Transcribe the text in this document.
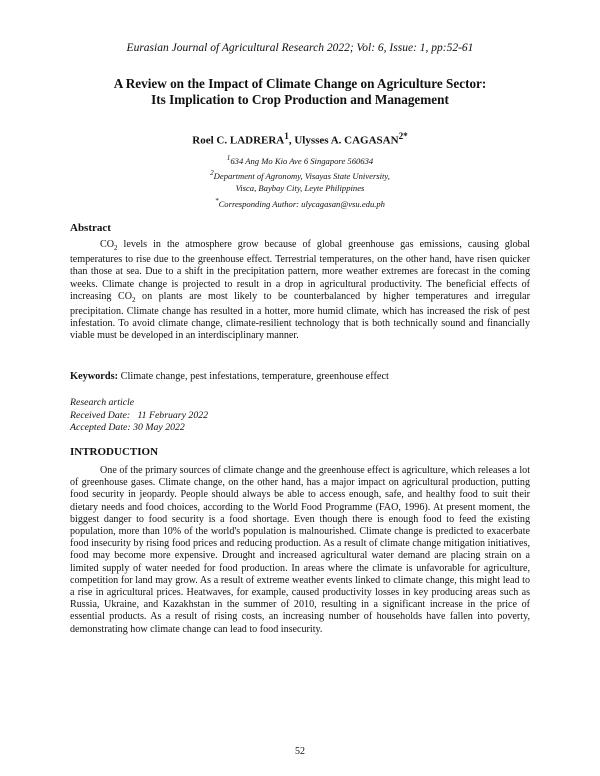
Eurasian Journal of Agricultural Research 2022; Vol: 6, Issue: 1, pp:52-61
A Review on the Impact of Climate Change on Agriculture Sector:
Its Implication to Crop Production and Management
Roel C. LADRERA$^1$, Ulysses A. $CAGASAN^{2*}$
$^1$634 Ang Mo Kio Ave 6 Singapore 560634
$^2$Department of Agronomy, Visayas State University,
Visca, Baybay City, Leyte Philippines
*Corresponding Author: ulycagasan@vsu.edu.ph
Abstract

$CO_2$ levels in the atmosphere grow because of global greenhouse gas emissions, causing global temperatures to rise due to the greenhouse effect. Terrestrial temperatures, on the other hand, have risen quicker than those at sea. Due to a shift in the precipitation pattern, more weather extremes are forecast in the coming weeks. Climate change is projected to result in a drop in agricultural productivity. The beneficial effects of increasing $CO_2$ on plants are most likely to be counterbalanced by higher temperatures and irregular precipitation. Climate change has resulted in a hotter, more humid climate, which has increased the risk of pest infestation. To avoid climate change, climate-resilient technology that is both technically sound and financially viable must be developed in an interdisciplinary manner.

Keywords: Climate change, pest infestations, temperature, greenhouse effect
Research article
Received Date:   11 February 2022
Accepted Date: 30 May 2022
INTRODUCTION

One of the primary sources of climate change and the greenhouse effect is agriculture, which releases a lot of greenhouse gases. Climate change, on the other hand, has a major impact on agricultural production, putting food security in jeopardy. People should always be able to access enough, safe, and healthy food to suit their dietary needs and food choices, according to the World Food Programme (FAO, 1996). At present moment, the biggest danger to food security is a food shortage. Even though there is enough food to feed the existing population, more than 10% of the world's population is malnourished. Climate change is predicted to exacerbate food insecurity by rising food prices and reducing production. As a result of climate change mitigation initiatives, food may become more expensive. Drought and increased agricultural water demand are placing strain on a limited supply of water needed for food production. In areas where the climate is unfavorable for agriculture, competition for land may grow. As a result of extreme weather events linked to climate change, this might lead to a rise in agricultural prices. Heatwaves, for example, caused productivity losses in key producing areas such as Russia, Ukraine, and Kazakhstan in the summer of 2010, resulting in a significant increase in the price of essential products. As a result of rising costs, an increasing number of households have fallen into poverty, demonstrating how climate change can lead to food insecurity.

52
